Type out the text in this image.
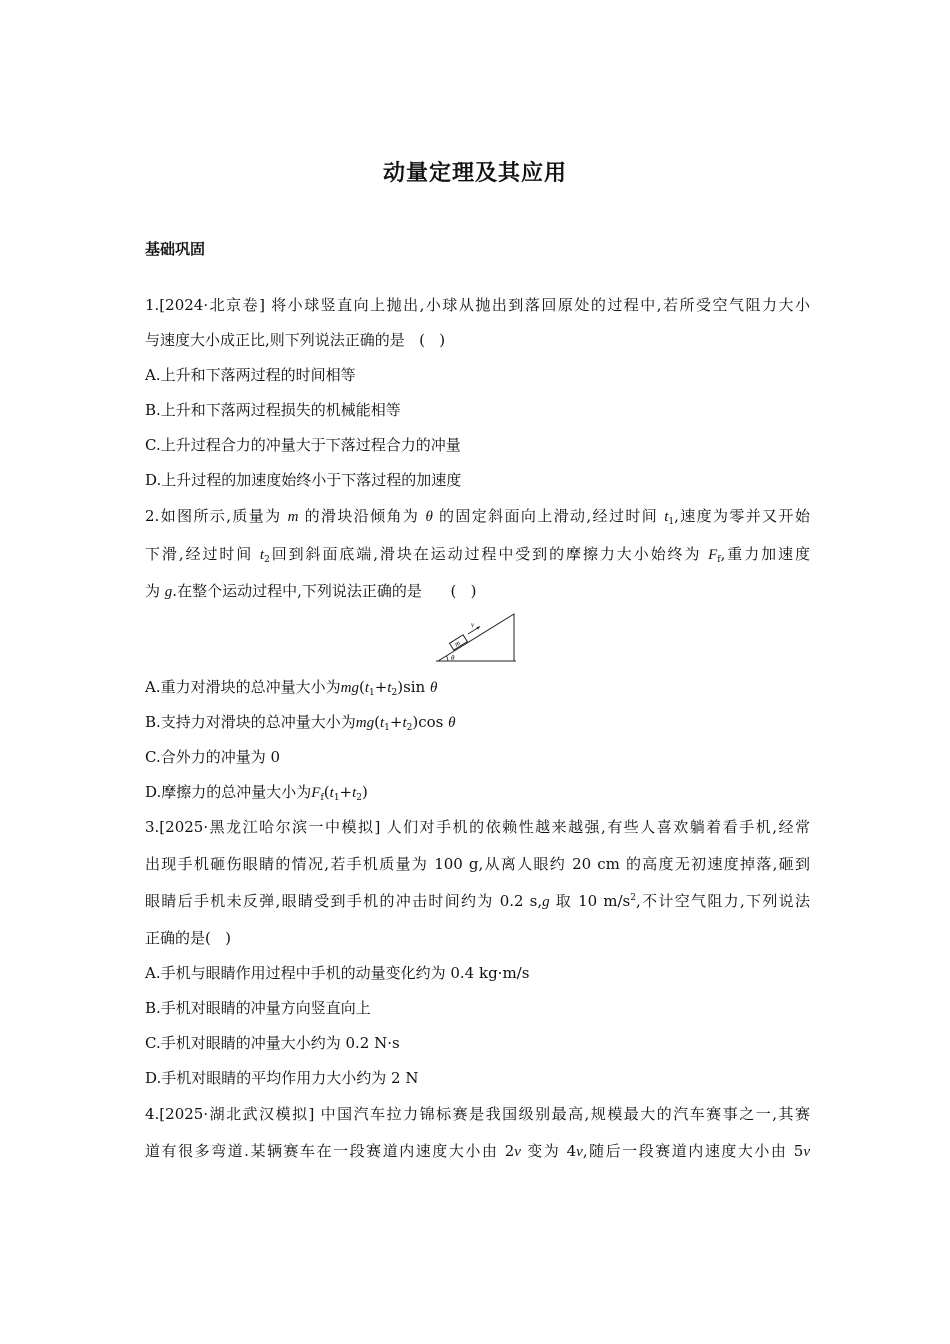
动量定理及其应用
基础巩固
1.[2024·北京卷] 将小球竖直向上抛出,小球从抛出到落回原处的过程中,若所受空气阻力大小
与速度大小成正比,则下列说法正确的是 (   )
A.上升和下落两过程的时间相等
B.上升和下落两过程损失的机械能相等
C.上升过程合力的冲量大于下落过程合力的冲量
D.上升过程的加速度始终小于下落过程的加速度
2.如图所示,质量为 m 的滑块沿倾角为 θ 的固定斜面向上滑动,经过时间 $t_1$,速度为零并又开始
下滑,经过时间 $t_2$回到斜面底端,滑块在运动过程中受到的摩擦力大小始终为 $F_f$,重力加速度
为 g.在整个运动过程中,下列说法正确的是 (   )
m
v
θ
A.重力对滑块的总冲量大小为$mg(t_1+t_2)\sin$ θ
B.支持力对滑块的总冲量大小为$mg(t_1+t_2)\cos$ θ
C.合外力的冲量为 0
D.摩擦力的总冲量大小为$F_f(t_1+t_2)$
3.[2025·黑龙江哈尔滨一中模拟] 人们对手机的依赖性越来越强,有些人喜欢躺着看手机,经常
出现手机砸伤眼睛的情况,若手机质量为 100 g,从离人眼约 20 cm 的高度无初速度掉落,砸到
眼睛后手机未反弹,眼睛受到手机的冲击时间约为 0.2 s,g 取 10 $m/s^2$,不计空气阻力,下列说法
正确的是(   )
A.手机与眼睛作用过程中手机的动量变化约为 0.4 kg·m/s
B.手机对眼睛的冲量方向竖直向上
C.手机对眼睛的冲量大小约为 0.2 N·s
D.手机对眼睛的平均作用力大小约为 2 N
4.[2025·湖北武汉模拟] 中国汽车拉力锦标赛是我国级别最高,规模最大的汽车赛事之一,其赛
道有很多弯道.某辆赛车在一段赛道内速度大小由 2v 变为 4v,随后一段赛道内速度大小由 5v
